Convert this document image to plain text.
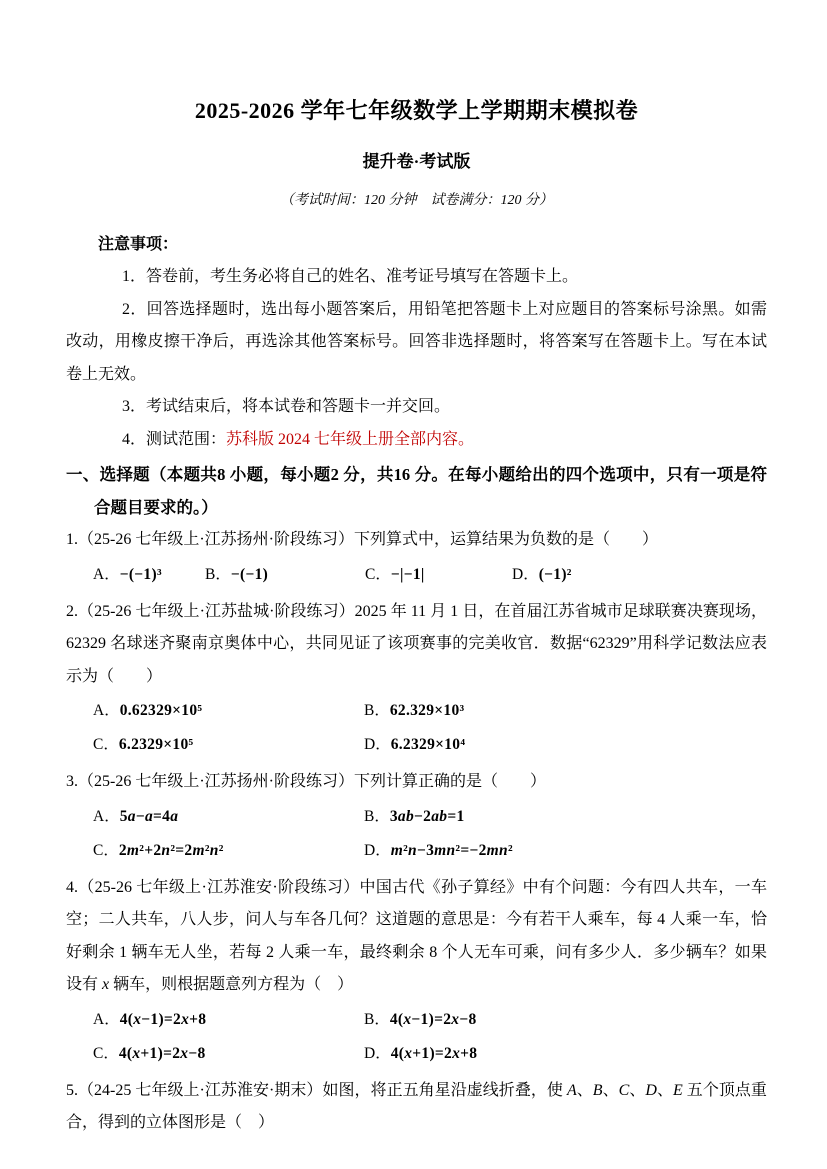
2025-2026 学年七年级数学上学期期末模拟卷
提升卷·考试版
（考试时间：120 分钟　试卷满分：120 分）

注意事项：

1．答卷前，考生务必将自己的姓名、准考证号填写在答题卡上。

2．回答选择题时，选出每小题答案后，用铅笔把答题卡上对应题目的答案标号涂黑。如需改动，用橡皮擦干净后，再选涂其他答案标号。回答非选择题时，将答案写在答题卡上。写在本试卷上无效。

3．考试结束后，将本试卷和答题卡一并交回。

4．测试范围：苏科版 2024 七年级上册全部内容。

一、选择题（本题共8 小题，每小题2 分，共16 分。在每小题给出的四个选项中，只有一项是符合题目要求的。）

1.（25-26 七年级上·江苏扬州·阶段练习）下列算式中，运算结果为负数的是（　　）

A．−(−1)³	B．−(−1)	C．−|−1|	D．(−1)²

2.（25-26 七年级上·江苏盐城·阶段练习）2025 年 11 月 1 日，在首届江苏省城市足球联赛决赛现场，62329 名球迷齐聚南京奥体中心，共同见证了该项赛事的完美收官．数据“62329”用科学记数法应表示为（　　）

A．0.62329×10⁵	B．62.329×10³
C．6.2329×10⁵	D．6.2329×10⁴

3.（25-26 七年级上·江苏扬州·阶段练习）下列计算正确的是（　　）

A．5a−a=4a	B．3ab−2ab=1
C．2m²+2n²=2m²n²	D．m²n−3mn²=−2mn²

4.（25-26 七年级上·江苏淮安·阶段练习）中国古代《孙子算经》中有个问题：今有四人共车，一车空；二人共车，八人步，问人与车各几何？这道题的意思是：今有若干人乘车，每 4 人乘一车，恰好剩余 1 辆车无人坐，若每 2 人乘一车，最终剩余 8 个人无车可乘，问有多少人．多少辆车？如果设有 x 辆车，则根据题意列方程为（　）

A．4(x−1)=2x+8	B．4(x−1)=2x−8
C．4(x+1)=2x−8	D．4(x+1)=2x+8

5.（24-25 七年级上·江苏淮安·期末）如图，将正五角星沿虚线折叠，使 A、B、C、D、E 五个顶点重合，得到的立体图形是（　）
